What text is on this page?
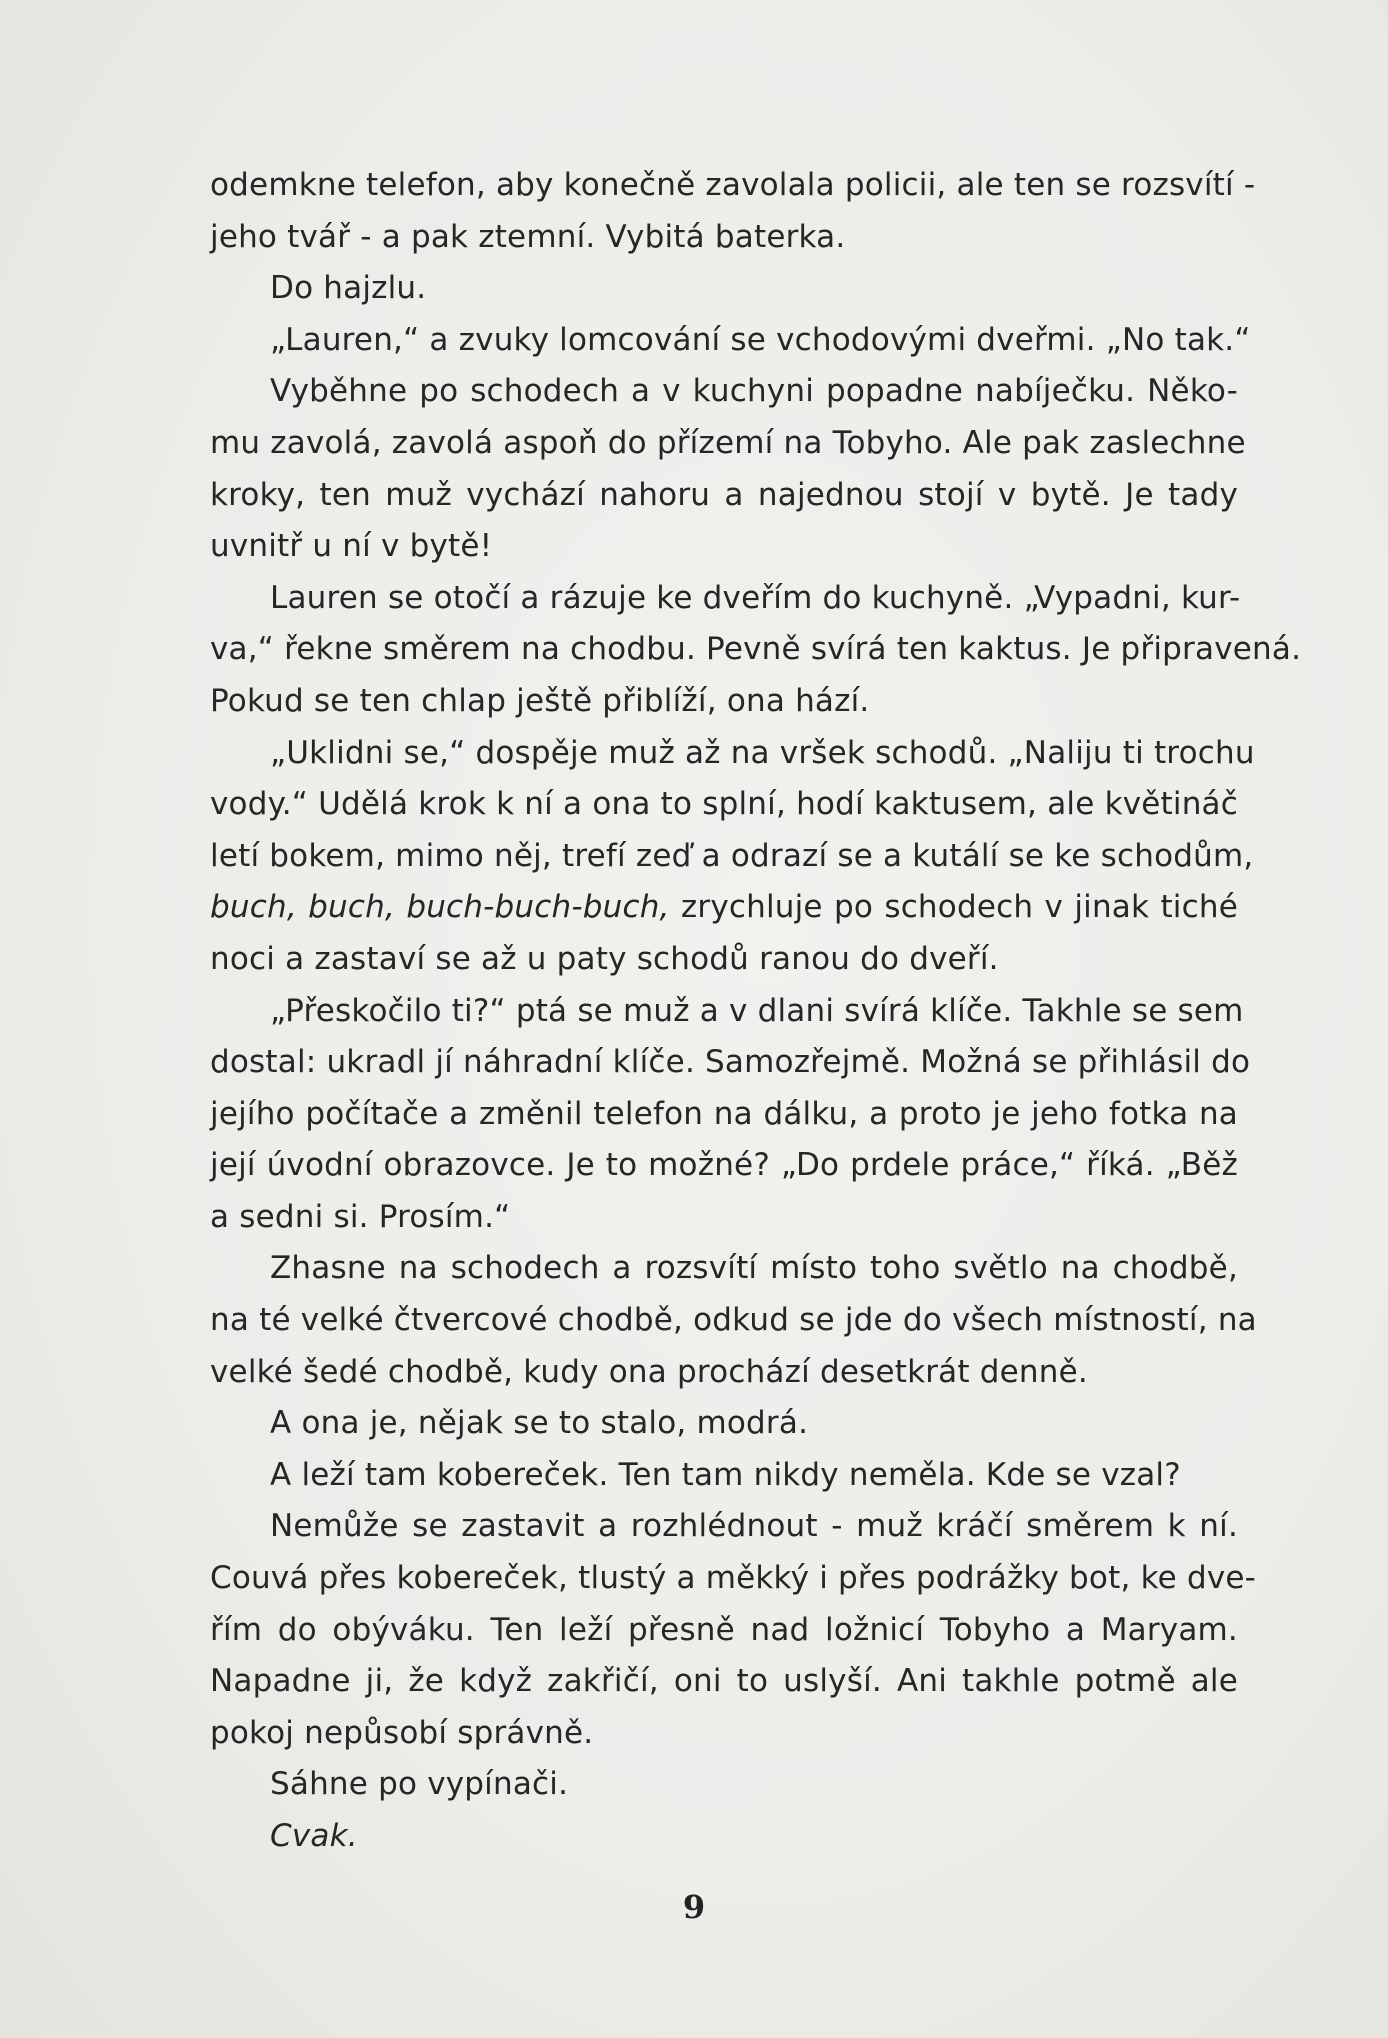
odemkne telefon, aby konečně zavolala policii, ale ten se rozsvítí -
jeho tvář - a pak ztemní. Vybitá baterka.
Do hajzlu.
„Lauren,“ a zvuky lomcování se vchodovými dveřmi. „No tak.“
Vyběhne po schodech a v kuchyni popadne nabíječku. Něko-
mu zavolá, zavolá aspoň do přízemí na Tobyho. Ale pak zaslechne
kroky, ten muž vychází nahoru a najednou stojí v bytě. Je tady
uvnitř u ní v bytě!
Lauren se otočí a rázuje ke dveřím do kuchyně. „Vypadni, kur-
va,“ řekne směrem na chodbu. Pevně svírá ten kaktus. Je připravená.
Pokud se ten chlap ještě přiblíží, ona hází.
„Uklidni se,“ dospěje muž až na vršek schodů. „Naliju ti trochu
vody.“ Udělá krok k ní a ona to splní, hodí kaktusem, ale květináč
letí bokem, mimo něj, trefí zeď a odrazí se a kutálí se ke schodům,
buch, buch, buch-buch-buch, zrychluje po schodech v jinak tiché
noci a zastaví se až u paty schodů ranou do dveří.
„Přeskočilo ti?“ ptá se muž a v dlani svírá klíče. Takhle se sem
dostal: ukradl jí náhradní klíče. Samozřejmě. Možná se přihlásil do
jejího počítače a změnil telefon na dálku, a proto je jeho fotka na
její úvodní obrazovce. Je to možné? „Do prdele práce,“ říká. „Běž
a sedni si. Prosím.“
Zhasne na schodech a rozsvítí místo toho světlo na chodbě,
na té velké čtvercové chodbě, odkud se jde do všech místností, na
velké šedé chodbě, kudy ona prochází desetkrát denně.
A ona je, nějak se to stalo, modrá.
A leží tam kobereček. Ten tam nikdy neměla. Kde se vzal?
Nemůže se zastavit a rozhlédnout - muž kráčí směrem k ní.
Couvá přes kobereček, tlustý a měkký i přes podrážky bot, ke dve-
řím do obýváku. Ten leží přesně nad ložnicí Tobyho a Maryam.
Napadne ji, že když zakřičí, oni to uslyší. Ani takhle potmě ale
pokoj nepůsobí správně.
Sáhne po vypínači.
Cvak.
9
